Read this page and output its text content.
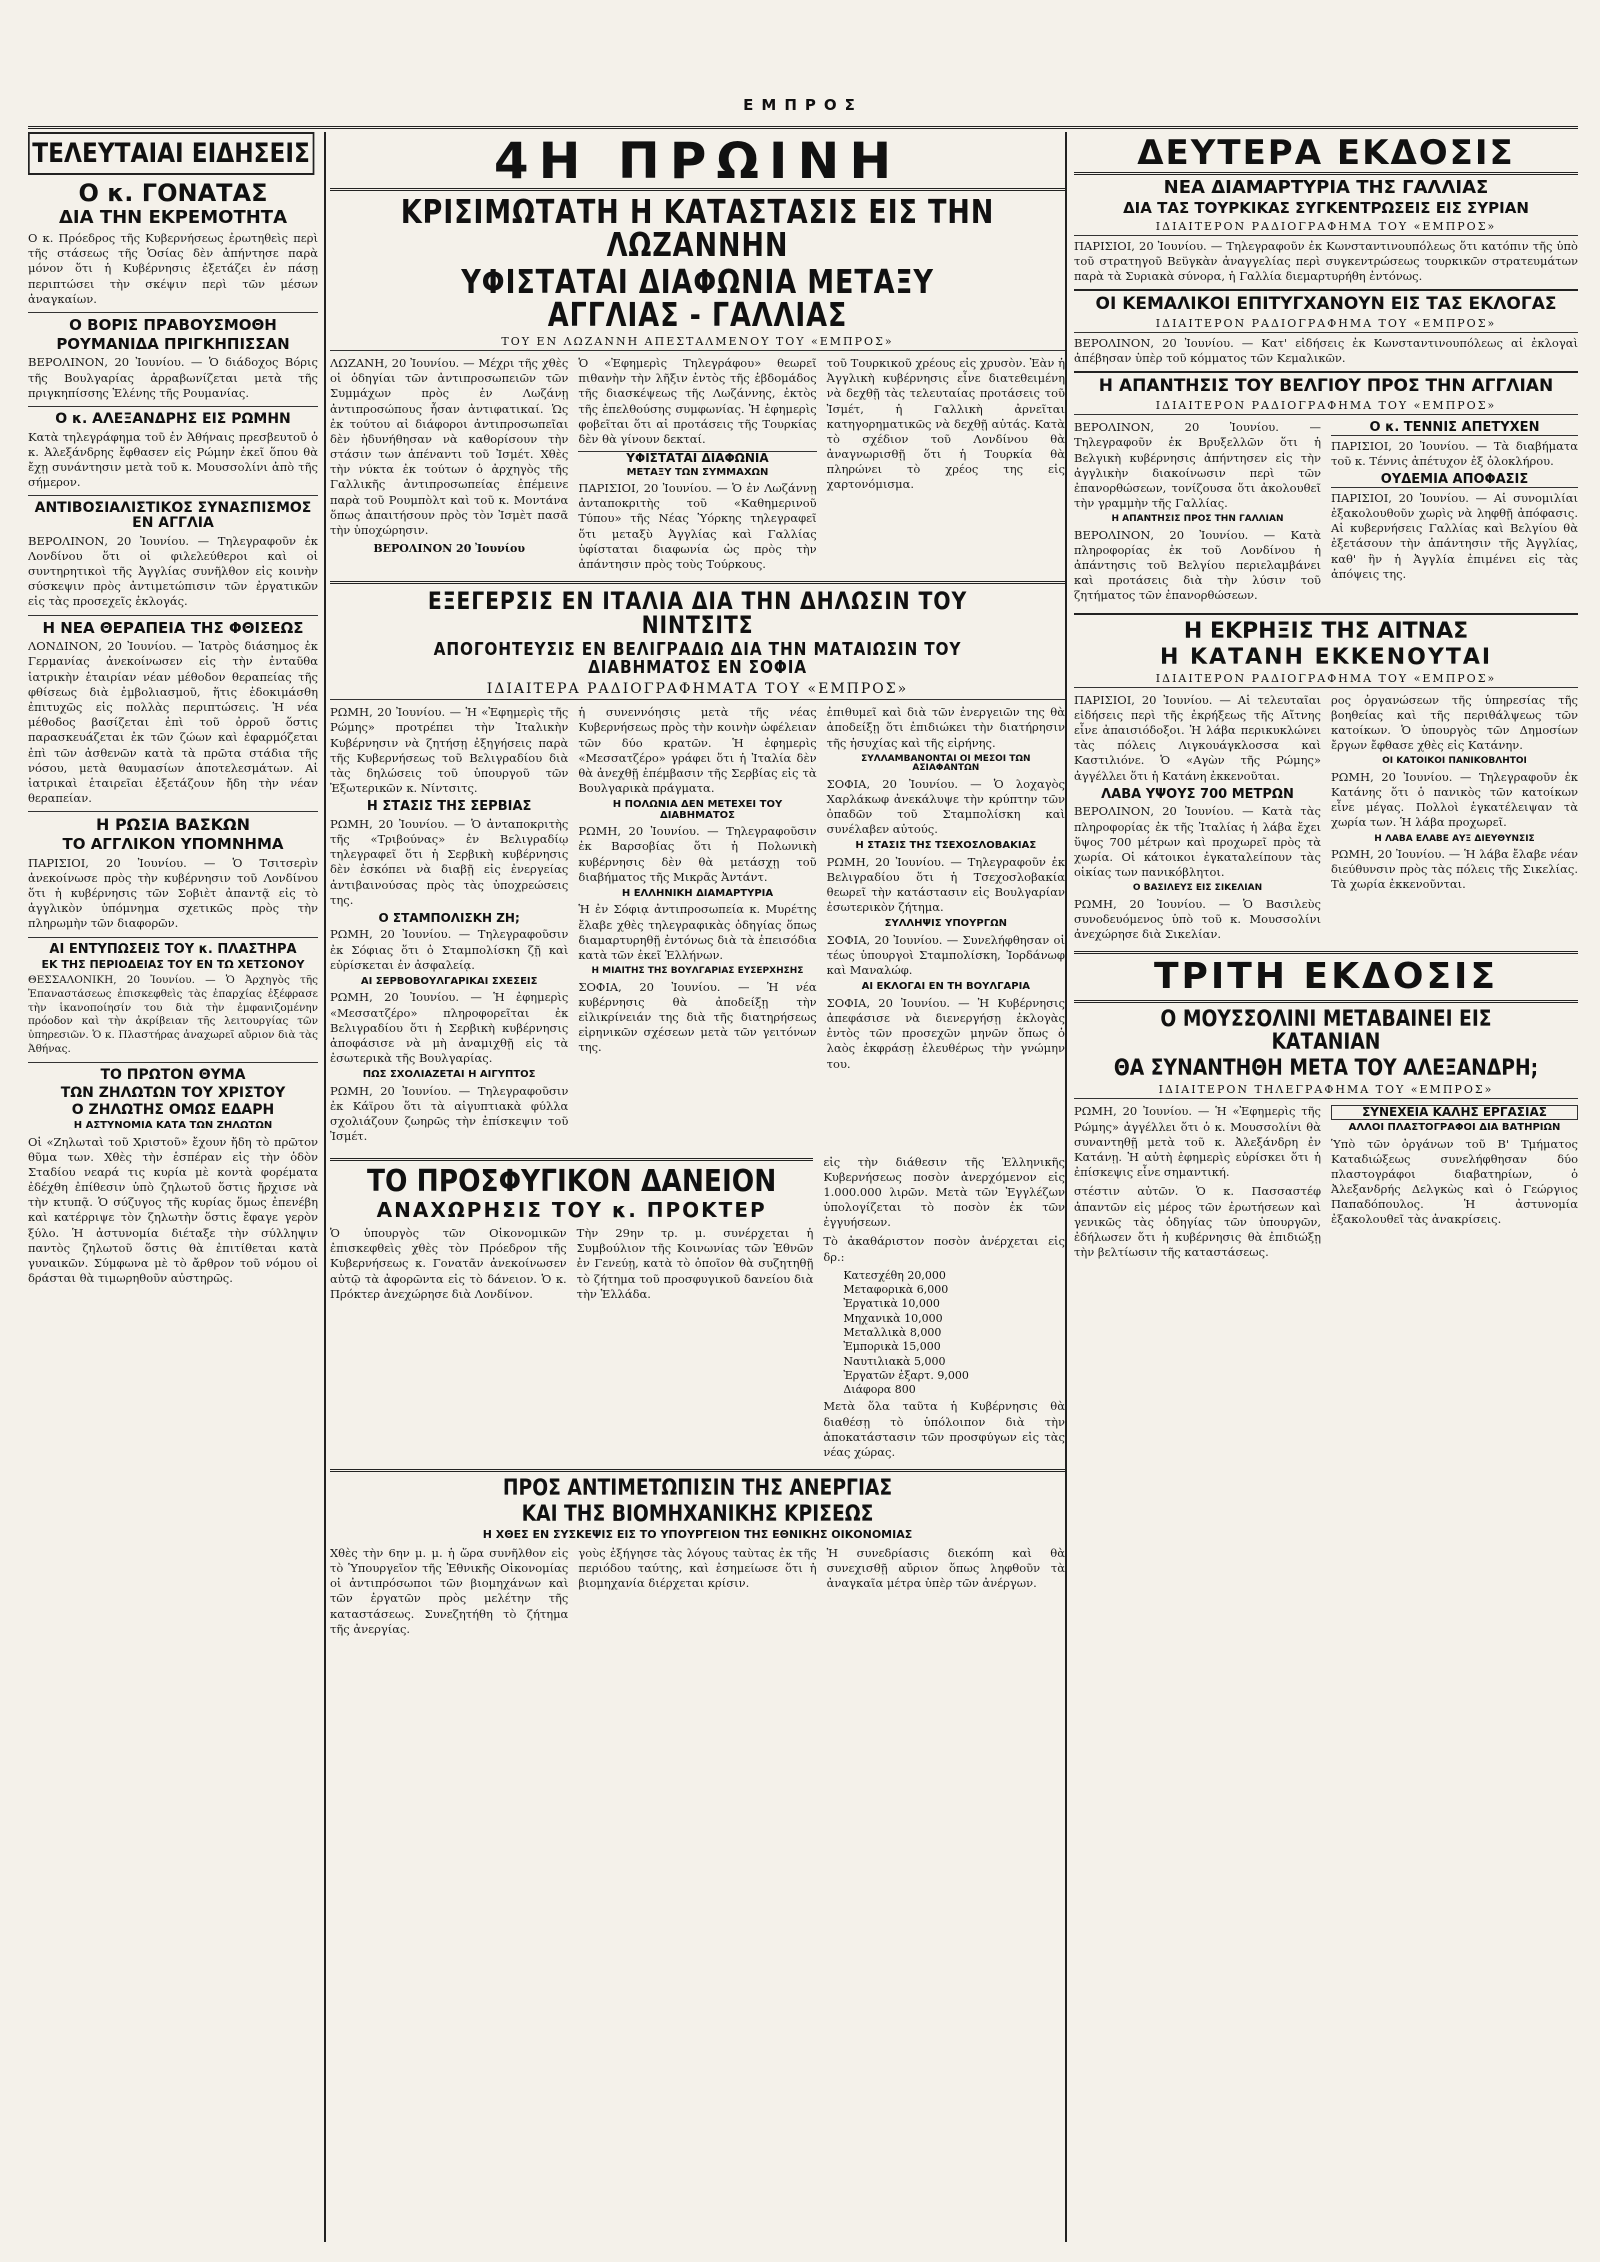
ΕΜΠΡΟΣ
ΤΕΛΕΥΤΑΙΑΙ ΕΙΔΗΣΕΙΣ
Ο κ. ΓΟΝΑΤΑΣ
ΔΙΑ ΤΗΝ ΕΚΡΕΜΟΤΗΤΑ
Ο κ. Πρόεδρος τῆς Κυβερνήσεως ἐρωτηθεὶς περὶ τῆς στάσεως τῆς Ὁσίας δὲν ἀπήντησε παρὰ μόνον ὅτι ἡ Κυβέρνησις ἐξετάζει ἐν πάσῃ περιπτώσει τὴν σκέψιν περὶ τῶν μέσων ἀναγκαίων.
Ο ΒΟΡΙΣ ΠΡΑΒΟΥΣΜΟΘΗ
ΡΟΥΜΑΝΙΔΑ ΠΡΙΓΚΗΠΙΣΣΑΝ
ΒΕΡΟΛΙΝΟΝ, 20 Ἰουνίου. — Ὁ διάδοχος Βόρις τῆς Βουλγαρίας ἀρραβωνίζεται μετὰ τῆς πριγκηπίσσης Ἑλένης τῆς Ρουμανίας.
Ο κ. ΑΛΕΞΑΝΔΡΗΣ ΕΙΣ ΡΩΜΗΝ
Κατὰ τηλεγράφημα τοῦ ἐν Ἀθήναις πρεσβευτοῦ ὁ κ. Ἀλεξάνδρης ἔφθασεν εἰς Ρώμην ἐκεῖ ὅπου θὰ ἔχῃ συνάντησιν μετὰ τοῦ κ. Μουσσολίνι ἀπὸ τῆς σήμερον.
ΑΝΤΙΒΟΣΙΑΛΙΣΤΙΚΟΣ ΣΥΝΑΣΠΙΣΜΟΣ ΕΝ ΑΓΓΛΙΑ
ΒΕΡΟΛΙΝΟΝ, 20 Ἰουνίου. — Τηλεγραφοῦν ἐκ Λονδίνου ὅτι οἱ φιλελεύθεροι καὶ οἱ συντηρητικοὶ τῆς Ἀγγλίας συνῆλθον εἰς κοινὴν σύσκεψιν πρὸς ἀντιμετώπισιν τῶν ἐργατικῶν εἰς τὰς προσεχεῖς ἐκλογάς.
Η ΝΕΑ ΘΕΡΑΠΕΙΑ ΤΗΣ ΦΘΙΣΕΩΣ
ΛΟΝΔΙΝΟΝ, 20 Ἰουνίου. — Ἰατρὸς διάσημος ἐκ Γερμανίας ἀνεκοίνωσεν εἰς τὴν ἐνταῦθα ἰατρικὴν ἑταιρίαν νέαν μέθοδον θεραπείας τῆς φθίσεως διὰ ἐμβολιασμοῦ, ἥτις ἐδοκιμάσθη ἐπιτυχῶς εἰς πολλὰς περιπτώσεις. Ἡ νέα μέθοδος βασίζεται ἐπὶ τοῦ ὀρροῦ ὅστις παρασκευάζεται ἐκ τῶν ζώων καὶ ἐφαρμόζεται ἐπὶ τῶν ἀσθενῶν κατὰ τὰ πρῶτα στάδια τῆς νόσου, μετὰ θαυμασίων ἀποτελεσμάτων. Αἱ ἰατρικαὶ ἑταιρεῖαι ἐξετάζουν ἤδη τὴν νέαν θεραπείαν.
Η ΡΩΣΙΑ ΒΑΣΚΩΝ
ΤΟ ΑΓΓΛΙΚΟΝ ΥΠΟΜΝΗΜΑ
ΠΑΡΙΣΙΟΙ, 20 Ἰουνίου. — Ὁ Τσιτσερὶν ἀνεκοίνωσε πρὸς τὴν κυβέρνησιν τοῦ Λονδίνου ὅτι ἡ κυβέρνησις τῶν Σοβιὲτ ἀπαντᾷ εἰς τὸ ἀγγλικὸν ὑπόμνημα σχετικῶς πρὸς τὴν πληρωμὴν τῶν διαφορῶν.
ΑΙ ΕΝΤΥΠΩΣΕΙΣ ΤΟΥ κ. ΠΛΑΣΤΗΡΑ
ΕΚ ΤΗΣ ΠΕΡΙΟΔΕΙΑΣ ΤΟΥ ΕΝ ΤΩ ΧΕΤΣΟΝΟΥ
ΘΕΣΣΑΛΟΝΙΚΗ, 20 Ἰουνίου. — Ὁ Ἀρχηγὸς τῆς Ἐπαναστάσεως ἐπισκεφθεὶς τὰς ἐπαρχίας ἐξέφρασε τὴν ἱκανοποίησίν του διὰ τὴν ἐμφανιζομένην πρόοδον καὶ τὴν ἀκρίβειαν τῆς λειτουργίας τῶν ὑπηρεσιῶν. Ὁ κ. Πλαστήρας ἀναχωρεῖ αὔριον διὰ τὰς Ἀθήνας.
ΤΟ ΠΡΩΤΟΝ ΘΥΜΑ
ΤΩΝ ΖΗΛΩΤΩΝ ΤΟΥ ΧΡΙΣΤΟΥ
Ο ΖΗΛΩΤΗΣ ΟΜΩΣ ΕΔΑΡΗ
Η ΑΣΤΥΝΟΜΙΑ ΚΑΤΑ ΤΩΝ ΖΗΛΩΤΩΝ
Οἱ «Ζηλωταὶ τοῦ Χριστοῦ» ἔχουν ἤδη τὸ πρῶτον θῦμα των. Χθὲς τὴν ἑσπέραν εἰς τὴν ὁδὸν Σταδίου νεαρά τις κυρία μὲ κοντὰ φορέματα ἐδέχθη ἐπίθεσιν ὑπὸ ζηλωτοῦ ὅστις ἤρχισε νὰ τὴν κτυπᾷ. Ὁ σύζυγος τῆς κυρίας ὅμως ἐπενέβη καὶ κατέρριψε τὸν ζηλωτὴν ὅστις ἔφαγε γερὸν ξύλο. Ἡ ἀστυνομία διέταξε τὴν σύλληψιν παντὸς ζηλωτοῦ ὅστις θὰ ἐπιτίθεται κατὰ γυναικῶν. Σύμφωνα μὲ τὸ ἄρθρον τοῦ νόμου οἱ δράσται θὰ τιμωρηθοῦν αὐστηρῶς.
4Η ΠΡΩΙΝΗ
ΚΡΙΣΙΜΩΤΑΤΗ Η ΚΑΤΑΣΤΑΣΙΣ ΕΙΣ ΤΗΝ ΛΩΖΑΝΝΗΝ
ΥΦΙΣΤΑΤΑΙ ΔΙΑΦΩΝΙΑ ΜΕΤΑΞΥ ΑΓΓΛΙΑΣ - ΓΑΛΛΙΑΣ
ΤΟΥ ΕΝ ΛΩΖΑΝΝΗ ΑΠΕΣΤΑΛΜΕΝΟΥ ΤΟΥ «ΕΜΠΡΟΣ»
ΛΩΖΑΝΗ, 20 Ἰουνίου. — Μέχρι τῆς χθὲς οἱ ὁδηγίαι τῶν ἀντιπροσωπειῶν τῶν Συμμάχων πρὸς ἐν Λωζάνῃ ἀντιπροσώπους ἦσαν ἀντιφατικαί. Ὡς ἐκ τούτου αἱ διάφοροι ἀντιπροσωπεῖαι δὲν ἠδυνήθησαν νὰ καθορίσουν τὴν στάσιν των ἀπέναντι τοῦ Ἰσμέτ. Χθὲς τὴν νύκτα ἐκ τούτων ὁ ἀρχηγὸς τῆς Γαλλικῆς ἀντιπροσωπείας ἐπέμεινε παρὰ τοῦ Ρουμπὸλτ καὶ τοῦ κ. Μοντάνα ὅπως ἀπαιτήσουν πρὸς τὸν Ἰσμὲτ πασᾶ τὴν ὑποχώρησιν.
ΒΕΡΟΛΙΝΟΝ 20 Ἰουνίου
Ὁ «Ἐφημερὶς Τηλεγράφου» θεωρεῖ πιθανὴν τὴν λῆξιν ἐντὸς τῆς ἑβδομάδος τῆς διασκέψεως τῆς Λωζάννης, ἐκτὸς τῆς ἐπελθούσης συμφωνίας. Ἡ ἐφημερὶς φοβεῖται ὅτι αἱ προτάσεις τῆς Τουρκίας δὲν θὰ γίνουν δεκταί.
ΥΦΙΣΤΑΤΑΙ ΔΙΑΦΩΝΙΑ
ΜΕΤΑΞΥ ΤΩΝ ΣΥΜΜΑΧΩΝ
ΠΑΡΙΣΙΟΙ, 20 Ἰουνίου. — Ὁ ἐν Λωζάννῃ ἀνταποκριτὴς τοῦ «Καθημερινοῦ Τύπου» τῆς Νέας Ὑόρκης τηλεγραφεῖ ὅτι μεταξὺ Ἀγγλίας καὶ Γαλλίας ὑφίσταται διαφωνία ὡς πρὸς τὴν ἀπάντησιν πρὸς τοὺς Τούρκους.
τοῦ Τουρκικοῦ χρέους εἰς χρυσὸν. Ἐὰν ἡ Ἀγγλικὴ κυβέρνησις εἶνε διατεθειμένη νὰ δεχθῇ τὰς τελευταίας προτάσεις τοῦ Ἰσμέτ, ἡ Γαλλικὴ ἀρνεῖται κατηγορηματικῶς νὰ δεχθῇ αὐτάς. Κατὰ τὸ σχέδιον τοῦ Λονδίνου θὰ ἀναγνωρισθῇ ὅτι ἡ Τουρκία θὰ πληρώνει τὸ χρέος της εἰς χαρτονόμισμα.
ΕΞΕΓΕΡΣΙΣ ΕΝ ΙΤΑΛΙΑ ΔΙΑ ΤΗΝ ΔΗΛΩΣΙΝ ΤΟΥ ΝΙΝΤΣΙΤΣ
ΑΠΟΓΟΗΤΕΥΣΙΣ ΕΝ ΒΕΛΙΓΡΑΔΙΩ ΔΙΑ ΤΗΝ ΜΑΤΑΙΩΣΙΝ ΤΟΥ ΔΙΑΒΗΜΑΤΟΣ ΕΝ ΣΟΦΙΑ
ΙΔΙΑΙΤΕΡΑ ΡΑΔΙΟΓΡΑΦΗΜΑΤΑ ΤΟΥ «ΕΜΠΡΟΣ»
ΡΩΜΗ, 20 Ἰουνίου. — Ἡ «Ἐφημερὶς τῆς Ρώμης» προτρέπει τὴν Ἰταλικὴν Κυβέρνησιν νὰ ζητήσῃ ἐξηγήσεις παρὰ τῆς Κυβερνήσεως τοῦ Βελιγραδίου διὰ τὰς δηλώσεις τοῦ ὑπουργοῦ τῶν Ἐξωτερικῶν κ. Νίντσιτς.
Η ΣΤΑΣΙΣ ΤΗΣ ΣΕΡΒΙΑΣ
ΡΩΜΗ, 20 Ἰουνίου. — Ὁ ἀνταποκριτὴς τῆς «Τριβούνας» ἐν Βελιγραδίῳ τηλεγραφεῖ ὅτι ἡ Σερβικὴ κυβέρνησις δὲν ἐσκόπει νὰ διαβῇ εἰς ἐνεργείας ἀντιβαινούσας πρὸς τὰς ὑποχρεώσεις της.
Ο ΣΤΑΜΠΟΛΙΣΚΗ ΖΗ;
ΡΩΜΗ, 20 Ἰουνίου. — Τηλεγραφοῦσιν ἐκ Σόφιας ὅτι ὁ Σταμπολίσκη ζῇ καὶ εὑρίσκεται ἐν ἀσφαλείᾳ.
ΑΙ ΣΕΡΒΟΒΟΥΛΓΑΡΙΚΑΙ ΣΧΕΣΕΙΣ
ΡΩΜΗ, 20 Ἰουνίου. — Ἡ ἐφημερὶς «Μεσσατζέρο» πληροφορεῖται ἐκ Βελιγραδίου ὅτι ἡ Σερβικὴ κυβέρνησις ἀποφάσισε νὰ μὴ ἀναμιχθῇ εἰς τὰ ἐσωτερικὰ τῆς Βουλγαρίας.
ΠΩΣ ΣΧΟΛΙΑΖΕΤΑΙ Η ΑΙΓΥΠΤΟΣ
ΡΩΜΗ, 20 Ἰουνίου. — Τηλεγραφοῦσιν ἐκ Κάϊρου ὅτι τὰ αἰγυπτιακὰ φύλλα σχολιάζουν ζωηρῶς τὴν ἐπίσκεψιν τοῦ Ἰσμέτ.
ἡ συνεννόησις μετὰ τῆς νέας Κυβερνήσεως πρὸς τὴν κοινὴν ὠφέλειαν τῶν δύο κρατῶν. Ἡ ἐφημερὶς «Μεσσατζέρο» γράφει ὅτι ἡ Ἰταλία δὲν θὰ ἀνεχθῇ ἐπέμβασιν τῆς Σερβίας εἰς τὰ Βουλγαρικὰ πράγματα.
Η ΠΟΛΩΝΙΑ ΔΕΝ ΜΕΤΕΧΕΙ ΤΟΥ ΔΙΑΒΗΜΑΤΟΣ
ΡΩΜΗ, 20 Ἰουνίου. — Τηλεγραφοῦσιν ἐκ Βαρσοβίας ὅτι ἡ Πολωνικὴ κυβέρνησις δὲν θὰ μετάσχῃ τοῦ διαβήματος τῆς Μικρᾶς Ἀντάντ.
Η ΕΛΛΗΝΙΚΗ ΔΙΑΜΑΡΤΥΡΙΑ
Ἡ ἐν Σόφιᾳ ἀντιπροσωπεία κ. Μυρέτης ἔλαβε χθὲς τηλεγραφικὰς ὁδηγίας ὅπως διαμαρτυρηθῇ ἐντόνως διὰ τὰ ἐπεισόδια κατὰ τῶν ἐκεῖ Ἑλλήνων.
Η ΜΙΑΙΤΗΣ ΤΗΣ ΒΟΥΛΓΑΡΙΑΣ ΕΥΣΕΡΧΗΣΗΣ
ΣΟΦΙΑ, 20 Ἰουνίου. — Ἡ νέα κυβέρνησις θὰ ἀποδείξῃ τὴν εἰλικρίνειάν της διὰ τῆς διατηρήσεως εἰρηνικῶν σχέσεων μετὰ τῶν γειτόνων της.
ἐπιθυμεῖ καὶ διὰ τῶν ἐνεργειῶν της θὰ ἀποδείξῃ ὅτι ἐπιδιώκει τὴν διατήρησιν τῆς ἡσυχίας καὶ τῆς εἰρήνης.
ΣΥΛΛΑΜΒΑΝΟΝΤΑΙ ΟΙ ΜΕΣΟΙ ΤΩΝ ΑΣΙΑΦΑΝΤΩΝ
ΣΟΦΙΑ, 20 Ἰουνίου. — Ὁ λοχαγὸς Χαρλάκωφ ἀνεκάλυψε τὴν κρύπτην τῶν ὀπαδῶν τοῦ Σταμπολίσκη καὶ συνέλαβεν αὐτούς.
Η ΣΤΑΣΙΣ ΤΗΣ ΤΣΕΧΟΣΛΟΒΑΚΙΑΣ
ΡΩΜΗ, 20 Ἰουνίου. — Τηλεγραφοῦν ἐκ Βελιγραδίου ὅτι ἡ Τσεχοσλοβακία θεωρεῖ τὴν κατάστασιν εἰς Βουλγαρίαν ἐσωτερικὸν ζήτημα.
ΣΥΛΛΗΨΙΣ ΥΠΟΥΡΓΩΝ
ΣΟΦΙΑ, 20 Ἰουνίου. — Συνελήφθησαν οἱ τέως ὑπουργοὶ Σταμπολίσκη, Ἰορδάνωφ καὶ Μαναλώφ.
ΑΙ ΕΚΛΟΓΑΙ ΕΝ ΤΗ ΒΟΥΛΓΑΡΙΑ
ΣΟΦΙΑ, 20 Ἰουνίου. — Ἡ Κυβέρνησις ἀπεφάσισε νὰ διενεργήσῃ ἐκλογὰς ἐντὸς τῶν προσεχῶν μηνῶν ὅπως ὁ λαὸς ἐκφράσῃ ἐλευθέρως τὴν γνώμην του.
ΤΟ ΠΡΟΣΦΥΓΙΚΟΝ ΔΑΝΕΙΟΝ
ΑΝΑΧΩΡΗΣΙΣ ΤΟΥ κ. ΠΡΟΚΤΕΡ
Ὁ ὑπουργὸς τῶν Οἰκονομικῶν ἐπισκεφθεὶς χθὲς τὸν Πρόεδρον τῆς Κυβερνήσεως κ. Γονατᾶν ἀνεκοίνωσεν αὐτῷ τὰ ἀφορῶντα εἰς τὸ δάνειον. Ὁ κ. Πρόκτερ ἀνεχώρησε διὰ Λονδίνον.
Τὴν 29ην τρ. μ. συνέρχεται ἡ Συμβούλιον τῆς Κοινωνίας τῶν Ἐθνῶν ἐν Γενεύῃ, κατὰ τὸ ὁποῖον θὰ συζητηθῇ τὸ ζήτημα τοῦ προσφυγικοῦ δανείου διὰ τὴν Ἑλλάδα.
εἰς τὴν διάθεσιν τῆς Ἑλληνικῆς Κυβερνήσεως ποσὸν ἀνερχόμενον εἰς 1.000.000 λιρῶν. Μετὰ τῶν Ἐγγλέζων ὑπολογίζεται τὸ ποσὸν ἐκ τῶν ἐγγυήσεων.
Τὸ ἀκαθάριστον ποσὸν ἀνέρχεται εἰς δρ.:
Κατεσχέθη 20,000
Μεταφορικὰ 6,000
Ἐργατικὰ 10,000
Μηχανικὰ 10,000
Μεταλλικὰ 8,000
Ἐμπορικὰ 15,000
Ναυτιλιακὰ 5,000
Ἐργατῶν ἐξαρτ. 9,000
Διάφορα 800
Μετὰ ὅλα ταῦτα ἡ Κυβέρνησις θὰ διαθέσῃ τὸ ὑπόλοιπον διὰ τὴν ἀποκατάστασιν τῶν προσφύγων εἰς τὰς νέας χώρας.
ΠΡΟΣ ΑΝΤΙΜΕΤΩΠΙΣΙΝ ΤΗΣ ΑΝΕΡΓΙΑΣ
ΚΑΙ ΤΗΣ ΒΙΟΜΗΧΑΝΙΚΗΣ ΚΡΙΣΕΩΣ
Η ΧΘΕΣ ΕΝ ΣΥΣΚΕΨΙΣ ΕΙΣ ΤΟ ΥΠΟΥΡΓΕΙΟΝ ΤΗΣ ΕΘΝΙΚΗΣ ΟΙΚΟΝΟΜΙΑΣ
Χθὲς τὴν 6ην μ. μ. ἡ ὥρα συνῆλθον εἰς τὸ Ὑπουργεῖον τῆς Ἐθνικῆς Οἰκονομίας οἱ ἀντιπρόσωποι τῶν βιομηχάνων καὶ τῶν ἐργατῶν πρὸς μελέτην τῆς καταστάσεως. Συνεζητήθη τὸ ζήτημα τῆς ἀνεργίας.
γοὺς ἐξήγησε τὰς λόγους ταὺτας ἐκ τῆς περιόδου ταύτης, καὶ ἐσημείωσε ὅτι ἡ βιομηχανία διέρχεται κρίσιν.
Ἡ συνεδρίασις διεκόπη καὶ θὰ συνεχισθῇ αὔριον ὅπως ληφθοῦν τὰ ἀναγκαῖα μέτρα ὑπὲρ τῶν ἀνέργων.
ΔΕΥΤΕΡΑ ΕΚΔΟΣΙΣ
ΝΕΑ ΔΙΑΜΑΡΤΥΡΙΑ ΤΗΣ ΓΑΛΛΙΑΣ
ΔΙΑ ΤΑΣ ΤΟΥΡΚΙΚΑΣ ΣΥΓΚΕΝΤΡΩΣΕΙΣ ΕΙΣ ΣΥΡΙΑΝ
ΙΔΙΑΙΤΕΡΟΝ ΡΑΔΙΟΓΡΑΦΗΜΑ ΤΟΥ «ΕΜΠΡΟΣ»
ΠΑΡΙΣΙΟΙ, 20 Ἰουνίου. — Τηλεγραφοῦν ἐκ Κωνσταντινουπόλεως ὅτι κατόπιν τῆς ὑπὸ τοῦ στρατηγοῦ Βεϋγκὰν ἀναγγελίας περὶ συγκεντρώσεως τουρκικῶν στρατευμάτων παρὰ τὰ Συριακὰ σύνορα, ἡ Γαλλία διεμαρτυρήθη ἐντόνως.
ΟΙ ΚΕΜΑΛΙΚΟΙ ΕΠΙΤΥΓΧΑΝΟΥΝ ΕΙΣ ΤΑΣ ΕΚΛΟΓΑΣ
ΙΔΙΑΙΤΕΡΟΝ ΡΑΔΙΟΓΡΑΦΗΜΑ ΤΟΥ «ΕΜΠΡΟΣ»
ΒΕΡΟΛΙΝΟΝ, 20 Ἰουνίου. — Κατ' εἰδήσεις ἐκ Κωνσταντινουπόλεως αἱ ἐκλογαὶ ἀπέβησαν ὑπὲρ τοῦ κόμματος τῶν Κεμαλικῶν.
Η ΑΠΑΝΤΗΣΙΣ ΤΟΥ ΒΕΛΓΙΟΥ ΠΡΟΣ ΤΗΝ ΑΓΓΛΙΑΝ
ΙΔΙΑΙΤΕΡΟΝ ΡΑΔΙΟΓΡΑΦΗΜΑ ΤΟΥ «ΕΜΠΡΟΣ»
ΒΕΡΟΛΙΝΟΝ, 20 Ἰουνίου. — Τηλεγραφοῦν ἐκ Βρυξελλῶν ὅτι ἡ Βελγικὴ κυβέρνησις ἀπήντησεν εἰς τὴν ἀγγλικὴν διακοίνωσιν περὶ τῶν ἐπανορθώσεων, τονίζουσα ὅτι ἀκολουθεῖ τὴν γραμμὴν τῆς Γαλλίας.
Η ΑΠΑΝΤΗΣΙΣ ΠΡΟΣ ΤΗΝ ΓΑΛΛΙΑΝ
ΒΕΡΟΛΙΝΟΝ, 20 Ἰουνίου. — Κατὰ πληροφορίας ἐκ τοῦ Λονδίνου ἡ ἀπάντησις τοῦ Βελγίου περιελαμβάνει καὶ προτάσεις διὰ τὴν λύσιν τοῦ ζητήματος τῶν ἐπανορθώσεων.
Ο κ. ΤΕΝΝΙΣ ΑΠΕΤΥΧΕΝ
ΠΑΡΙΣΙΟΙ, 20 Ἰουνίου. — Τὰ διαβήματα τοῦ κ. Τέννις ἀπέτυχον ἐξ ὁλοκλήρου.
ΟΥΔΕΜΙΑ ΑΠΟΦΑΣΙΣ
ΠΑΡΙΣΙΟΙ, 20 Ἰουνίου. — Αἱ συνομιλίαι ἐξακολουθοῦν χωρὶς νὰ ληφθῇ ἀπόφασις. Αἱ κυβερνήσεις Γαλλίας καὶ Βελγίου θὰ ἐξετάσουν τὴν ἀπάντησιν τῆς Ἀγγλίας, καθ' ἣν ἡ Ἀγγλία ἐπιμένει εἰς τὰς ἀπόψεις της.
Η ΕΚΡΗΞΙΣ ΤΗΣ ΑΙΤΝΑΣ
Η ΚΑΤΑΝΗ ΕΚΚΕΝΟΥΤΑΙ
ΙΔΙΑΙΤΕΡΟΝ ΡΑΔΙΟΓΡΑΦΗΜΑ ΤΟΥ «ΕΜΠΡΟΣ»
ΠΑΡΙΣΙΟΙ, 20 Ἰουνίου. — Αἱ τελευταῖαι εἰδήσεις περὶ τῆς ἐκρήξεως τῆς Αἴτνης εἶνε ἀπαισιόδοξοι. Ἡ λάβα περικυκλώνει τὰς πόλεις Λιγκουάγκλοσσα καὶ Καστιλιόνε. Ὁ «Αγὼν τῆς Ρώμης» ἀγγέλλει ὅτι ἡ Κατάνη ἐκκενοῦται.
ΛΑΒΑ ΥΨΟΥΣ 700 ΜΕΤΡΩΝ
ΒΕΡΟΛΙΝΟΝ, 20 Ἰουνίου. — Κατὰ τὰς πληροφορίας ἐκ τῆς Ἰταλίας ἡ λάβα ἔχει ὕψος 700 μέτρων καὶ προχωρεῖ πρὸς τὰ χωρία. Οἱ κάτοικοι ἐγκαταλείπουν τὰς οἰκίας των πανικόβλητοι.
Ο ΒΑΣΙΛΕΥΣ ΕΙΣ ΣΙΚΕΛΙΑΝ
ΡΩΜΗ, 20 Ἰουνίου. — Ὁ Βασιλεὺς συνοδευόμενος ὑπὸ τοῦ κ. Μουσσολίνι ἀνεχώρησε διὰ Σικελίαν.
ρος ὀργανώσεων τῆς ὑπηρεσίας τῆς βοηθείας καὶ τῆς περιθάλψεως τῶν κατοίκων. Ὁ ὑπουργὸς τῶν Δημοσίων ἔργων ἔφθασε χθὲς εἰς Κατάνην.
ΟΙ ΚΑΤΟΙΚΟΙ ΠΑΝΙΚΟΒΛΗΤΟΙ
ΡΩΜΗ, 20 Ἰουνίου. — Τηλεγραφοῦν ἐκ Κατάνης ὅτι ὁ πανικὸς τῶν κατοίκων εἶνε μέγας. Πολλοὶ ἐγκατέλειψαν τὰ χωρία των. Ἡ λάβα προχωρεῖ.
Η ΛΑΒΑ ΕΛΑΒΕ ΑΥΞ ΔΙΕΥΘΥΝΣΙΣ
ΡΩΜΗ, 20 Ἰουνίου. — Ἡ λάβα ἔλαβε νέαν διεύθυνσιν πρὸς τὰς πόλεις τῆς Σικελίας. Τὰ χωρία ἐκκενοῦνται.
ΤΡΙΤΗ ΕΚΔΟΣΙΣ
Ο ΜΟΥΣΣΟΛΙΝΙ ΜΕΤΑΒΑΙΝΕΙ ΕΙΣ ΚΑΤΑΝΙΑΝ
ΘΑ ΣΥΝΑΝΤΗΘΗ ΜΕΤΑ ΤΟΥ ΑΛΕΞΑΝΔΡΗ;
ΙΔΙΑΙΤΕΡΟΝ ΤΗΛΕΓΡΑΦΗΜΑ ΤΟΥ «ΕΜΠΡΟΣ»
ΡΩΜΗ, 20 Ἰουνίου. — Ἡ «Ἐφημερὶς τῆς Ρώμης» ἀγγέλλει ὅτι ὁ κ. Μουσσολίνι θὰ συναντηθῇ μετὰ τοῦ κ. Ἀλεξάνδρη ἐν Κατάνῃ. Ἡ αὐτὴ ἐφημερὶς εὑρίσκει ὅτι ἡ ἐπίσκεψις εἶνε σημαντική.
στέστιν αὐτῶν. Ὁ κ. Πασσαστέφ ἀπαντῶν εἰς μέρος τῶν ἐρωτήσεων καὶ γενικῶς τὰς ὁδηγίας τῶν ὑπουργῶν, ἐδήλωσεν ὅτι ἡ κυβέρνησις θὰ ἐπιδιώξῃ τὴν βελτίωσιν τῆς καταστάσεως.
ΣΥΝΕΧΕΙΑ ΚΑΛΗΣ ΕΡΓΑΣΙΑΣ
ΑΛΛΟΙ ΠΛΑΣΤΟΓΡΑΦΟΙ ΔΙΑ ΒΑΤΗΡΙΩΝ
Ὑπὸ τῶν ὀργάνων τοῦ Β' Τμήματος Καταδιώξεως συνελήφθησαν δύο πλαστογράφοι διαβατηρίων, ὁ Ἀλεξανδρής Δελγκὼς καὶ ὁ Γεώργιος Παπαδόπουλος. Ἡ ἀστυνομία ἐξακολουθεῖ τὰς ἀνακρίσεις.
